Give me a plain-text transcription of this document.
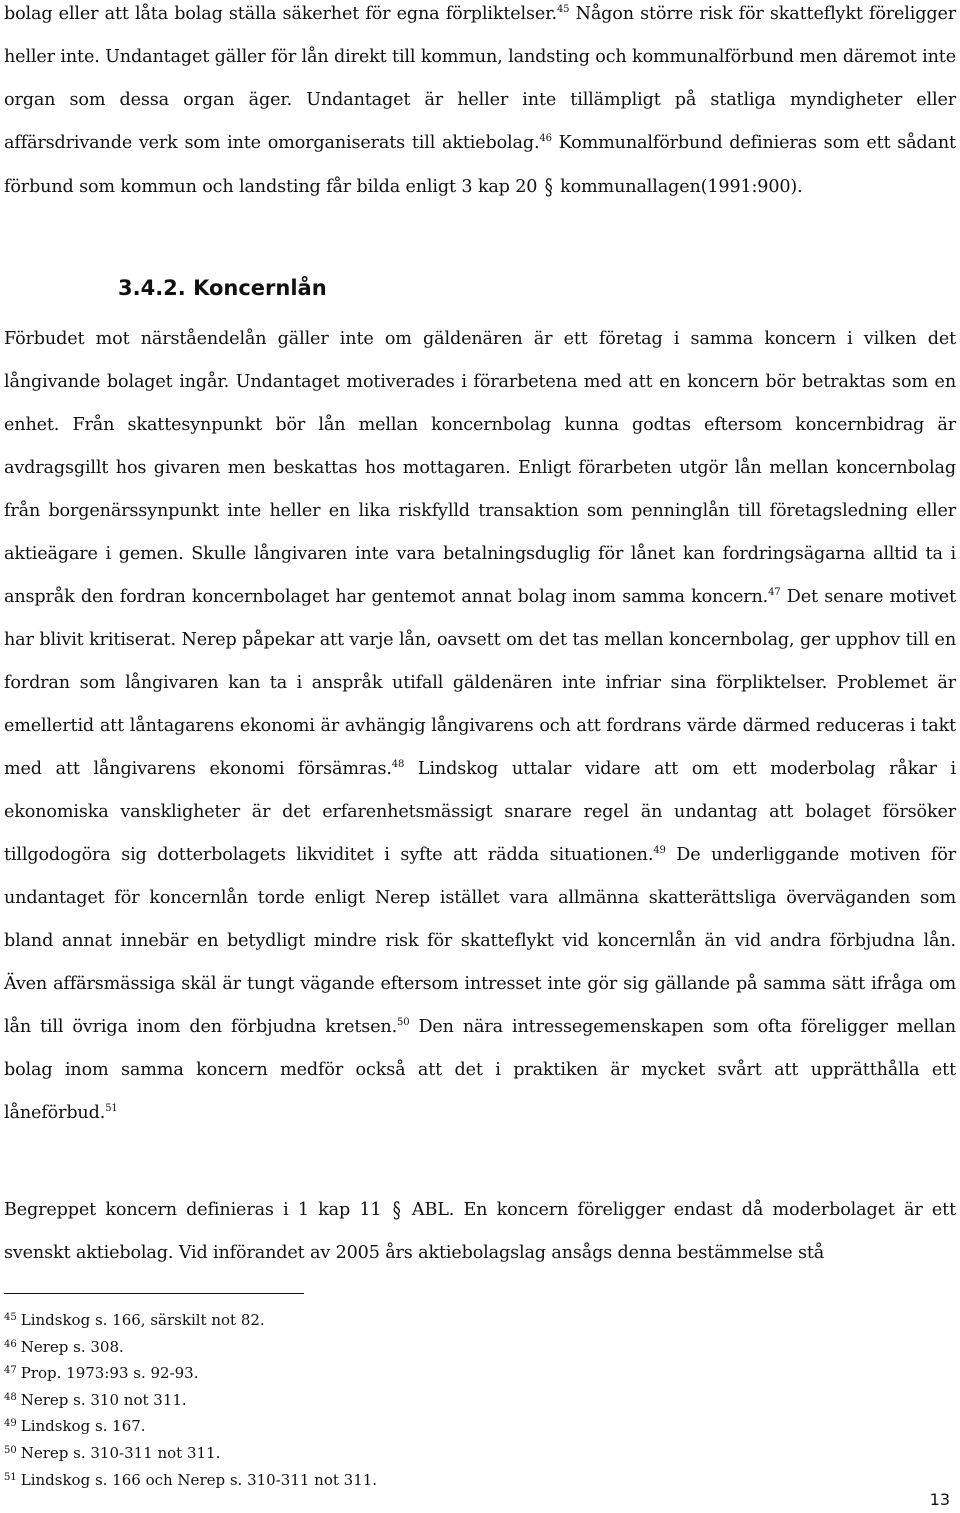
bolag eller att låta bolag ställa säkerhet för egna förpliktelser.$^{45}$ Någon större risk för skatteflykt föreligger heller inte. Undantaget gäller för lån direkt till kommun, landsting och kommunalförbund men däremot inte organ som dessa organ äger. Undantaget är heller inte tillämpligt på statliga myndigheter eller affärsdrivande verk som inte omorganiserats till aktiebolag.$^{46}$ Kommunalförbund definieras som ett sådant förbund som kommun och landsting får bilda enligt 3 kap 20 § kommunallagen(1991:900).

3.4.2. Koncernlån

Förbudet mot närståendelån gäller inte om gäldenären är ett företag i samma koncern i vilken det långivande bolaget ingår. Undantaget motiverades i förarbetena med att en koncern bör betraktas som en enhet. Från skattesynpunkt bör lån mellan koncernbolag kunna godtas eftersom koncernbidrag är avdragsgillt hos givaren men beskattas hos mottagaren. Enligt förarbeten utgör lån mellan koncernbolag från borgenärssynpunkt inte heller en lika riskfylld transaktion som penninglån till företagsledning eller aktieägare i gemen. Skulle långivaren inte vara betalningsduglig för lånet kan fordringsägarna alltid ta i anspråk den fordran koncernbolaget har gentemot annat bolag inom samma koncern.$^{47}$ Det senare motivet har blivit kritiserat. Nerep påpekar att varje lån, oavsett om det tas mellan koncernbolag, ger upphov till en fordran som långivaren kan ta i anspråk utifall gäldenären inte infriar sina förpliktelser. Problemet är emellertid att låntagarens ekonomi är avhängig långivarens och att fordrans värde därmed reduceras i takt med att långivarens ekonomi försämras.$^{48}$ Lindskog uttalar vidare att om ett moderbolag råkar i ekonomiska vanskligheter är det erfarenhetsmässigt snarare regel än undantag att bolaget försöker tillgodogöra sig dotterbolagets likviditet i syfte att rädda situationen.$^{49}$ De underliggande motiven för undantaget för koncernlån torde enligt Nerep istället vara allmänna skatterättsliga överväganden som bland annat innebär en betydligt mindre risk för skatteflykt vid koncernlån än vid andra förbjudna lån. Även affärsmässiga skäl är tungt vägande eftersom intresset inte gör sig gällande på samma sätt ifråga om lån till övriga inom den förbjudna kretsen.$^{50}$ Den nära intressegemenskapen som ofta föreligger mellan bolag inom samma koncern medför också att det i praktiken är mycket svårt att upprätthålla ett låneförbud.$^{51}$

Begreppet koncern definieras i 1 kap 11 § ABL. En koncern föreligger endast då moderbolaget är ett svenskt aktiebolag. Vid införandet av 2005 års aktiebolagslag ansågs denna bestämmelse stå

$^{45}$ Lindskog s. 166, särskilt not 82.

$^{46}$ Nerep s. 308.

$^{47}$ Prop. 1973:93 s. 92-93.

$^{48}$ Nerep s. 310 not 311.

$^{49}$ Lindskog s. 167.

$^{50}$ Nerep s. 310-311 not 311.

$^{51}$ Lindskog s. 166 och Nerep s. 310-311 not 311.

13
